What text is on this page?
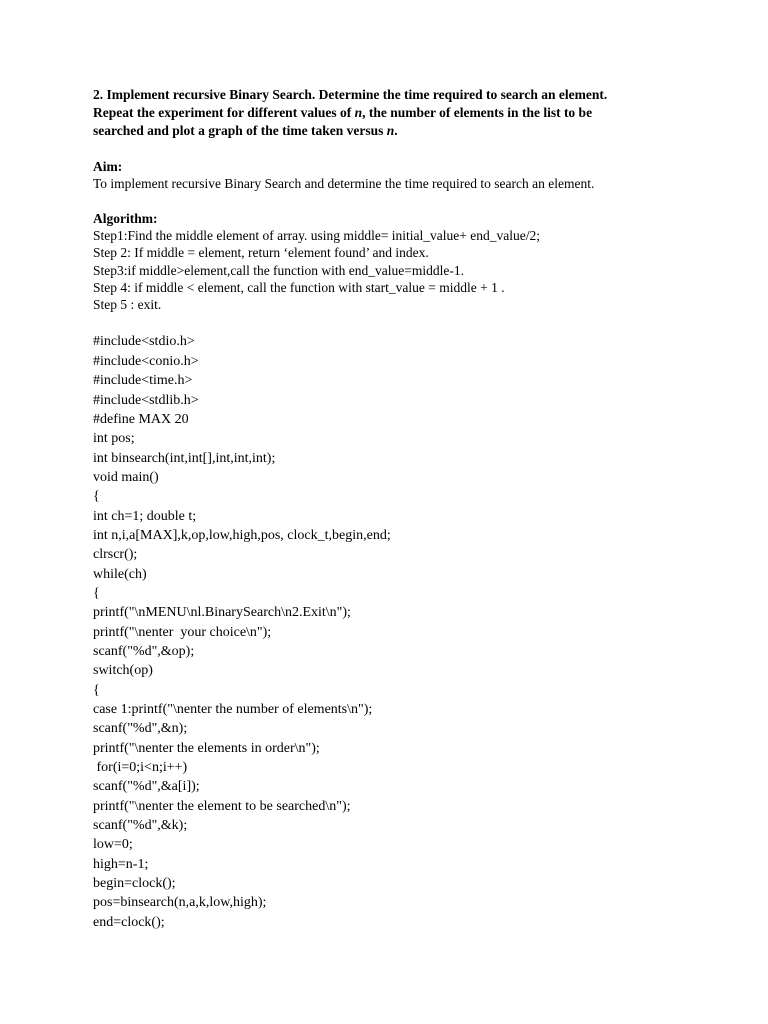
2. Implement recursive Binary Search. Determine the time required to search an element.

Repeat the experiment for different values of n, the number of elements in the list to be

searched and plot a graph of the time taken versus n.

Aim:

To implement recursive Binary Search and determine the time required to search an element.

Algorithm:

Step1:Find the middle element of array. using middle= initial_value+ end_value/2;

Step 2: If middle = element, return ‘element found’ and index.

Step3:if middle>element,call the function with end_value=middle-1.

Step 4: if middle < element, call the function with start_value = middle + 1 .

Step 5 : exit.

#include<stdio.h>

#include<conio.h>

#include<time.h>

#include<stdlib.h>

#define MAX 20

int pos;

int binsearch(int,int[],int,int,int);

void main()

{

int ch=1; double t;

int n,i,a[MAX],k,op,low,high,pos, clock_t,begin,end;

clrscr();

while(ch)

{

printf("\nMENU\nl.BinarySearch\n2.Exit\n");

printf("\nenter  your choice\n");

scanf("%d",&op);

switch(op)

{

case 1:printf("\nenter the number of elements\n");

scanf("%d",&n);

printf("\nenter the elements in order\n");

for(i=0;i<n;i++)

scanf("%d",&a[i]);

printf("\nenter the element to be searched\n");

scanf("%d",&k);

low=0;

high=n-1;

begin=clock();

pos=binsearch(n,a,k,low,high);

end=clock();
